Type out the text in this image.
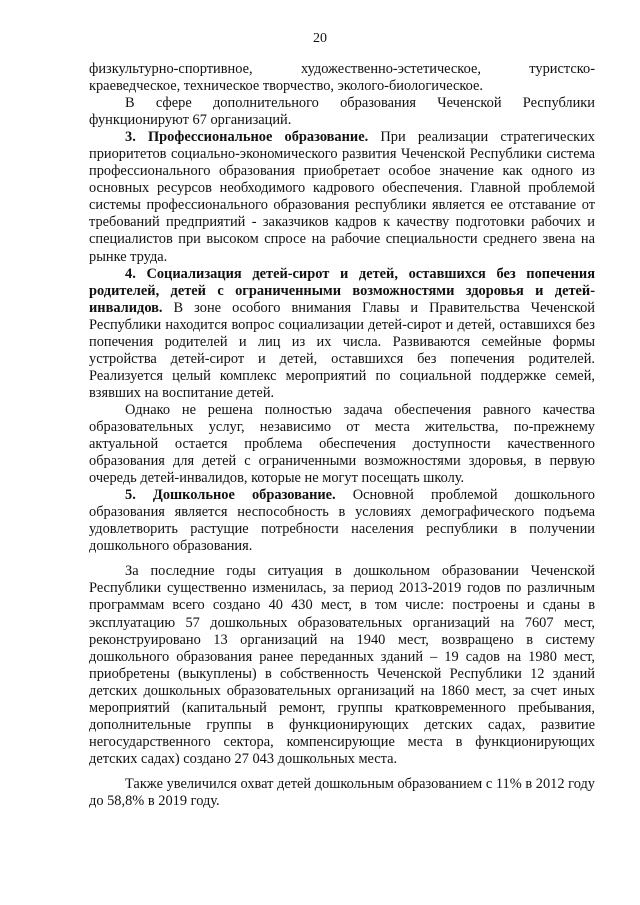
20

физкультурно-спортивное, художественно-эстетическое, туристско-краеведческое, техническое творчество, эколого-биологическое.

В сфере дополнительного образования Чеченской Республики функционируют 67 организаций.

3. Профессиональное образование. При реализации стратегических приоритетов социально-экономического развития Чеченской Республики система профессионального образования приобретает особое значение как одного из основных ресурсов необходимого кадрового обеспечения. Главной проблемой системы профессионального образования республики является ее отставание от требований предприятий - заказчиков кадров к качеству подготовки рабочих и специалистов при высоком спросе на рабочие специальности среднего звена на рынке труда.

4. Социализация детей-сирот и детей, оставшихся без попечения родителей, детей с ограниченными возможностями здоровья и детей-инвалидов. В зоне особого внимания Главы и Правительства Чеченской Республики находится вопрос социализации детей-сирот и детей, оставшихся без попечения родителей и лиц из их числа. Развиваются семейные формы устройства детей-сирот и детей, оставшихся без попечения родителей. Реализуется целый комплекс мероприятий по социальной поддержке семей, взявших на воспитание детей.

Однако не решена полностью задача обеспечения равного качества образовательных услуг, независимо от места жительства, по-прежнему актуальной остается проблема обеспечения доступности качественного образования для детей с ограниченными возможностями здоровья, в первую очередь детей-инвалидов, которые не могут посещать школу.

5. Дошкольное образование. Основной проблемой дошкольного образования является неспособность в условиях демографического подъема удовлетворить растущие потребности населения республики в получении дошкольного образования.

За последние годы ситуация в дошкольном образовании Чеченской Республики существенно изменилась, за период 2013-2019 годов по различным программам всего создано 40 430 мест, в том числе: построены и сданы в эксплуатацию 57 дошкольных образовательных организаций на 7607 мест, реконструировано 13 организаций на 1940 мест, возвращено в систему дошкольного образования ранее переданных зданий – 19 садов на 1980 мест, приобретены (выкуплены) в собственность Чеченской Республики 12 зданий детских дошкольных образовательных организаций на 1860 мест, за счет иных мероприятий (капитальный ремонт, группы кратковременного пребывания, дополнительные группы в функционирующих детских садах, развитие негосударственного сектора, компенсирующие места в функционирующих детских садах) создано 27 043 дошкольных места.

Также увеличился охват детей дошкольным образованием с 11% в 2012 году до 58,8% в 2019 году.
